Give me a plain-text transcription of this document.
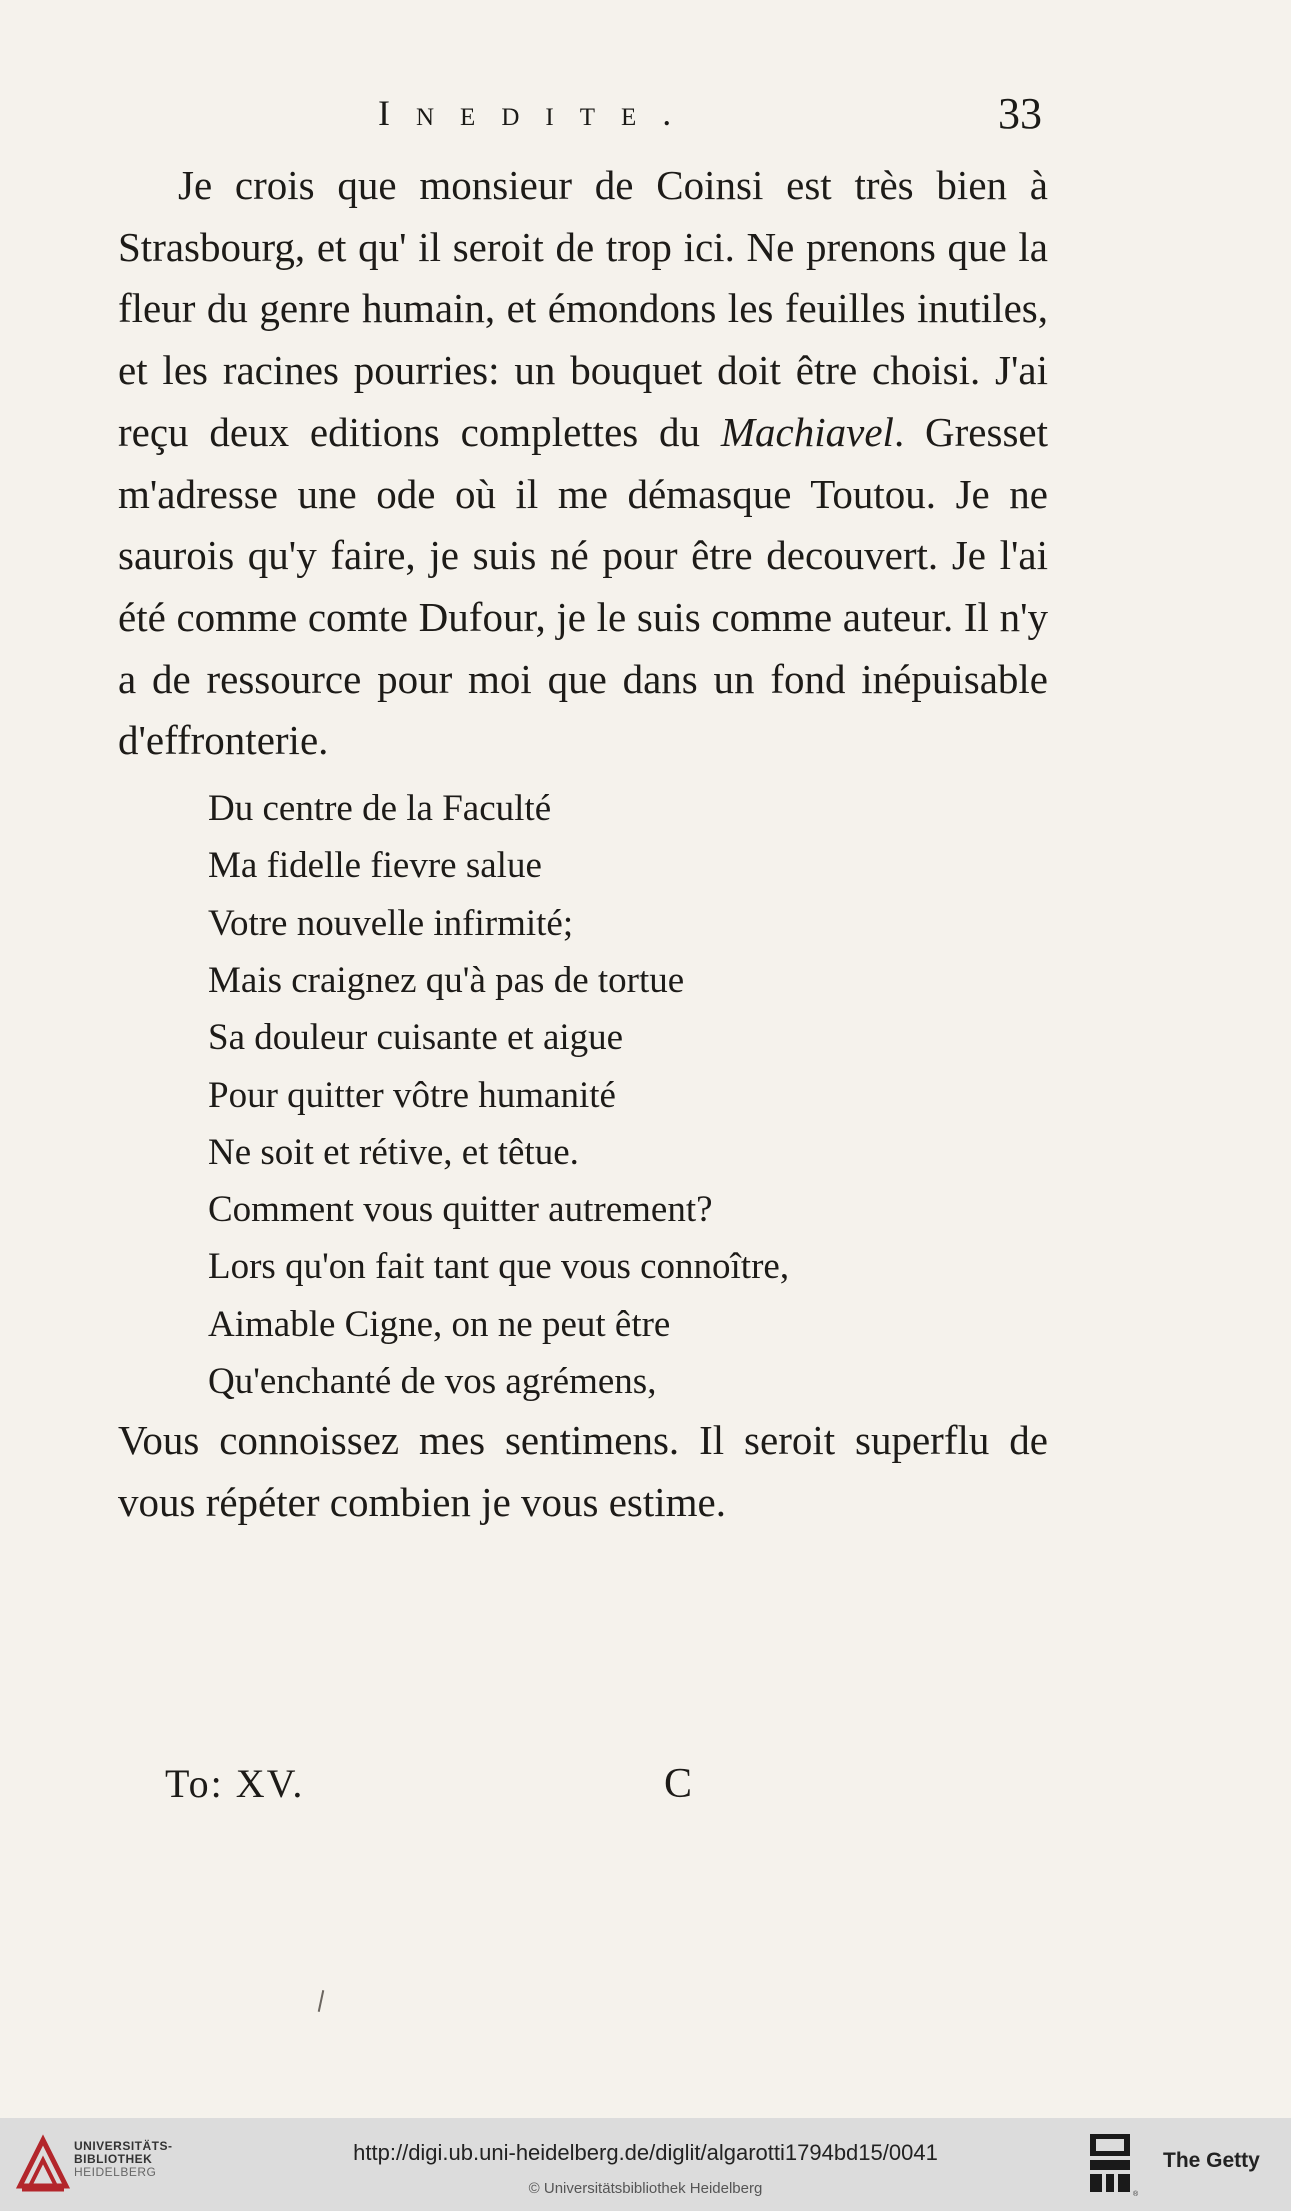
Inedite.	33

Je crois que monsieur de Coinsi est très bien à Strasbourg, et qu' il seroit de trop ici. Ne prenons que la fleur du genre humain, et émondons les feuilles inutiles, et les racines pourries: un bouquet doit être choisi. J'ai reçu deux editions complettes du Machiavel. Gresset m'adresse une ode où il me démasque Toutou. Je ne saurois qu'y faire, je suis né pour être decouvert. Je l'ai été comme comte Dufour, je le suis comme auteur. Il n'y a de ressource pour moi que dans un fond inépuisable d'effronterie.

Du centre de la Faculté
Ma fidelle fievre salue
Votre nouvelle infirmité;
Mais craignez qu'à pas de tortue
Sa douleur cuisante et aigue
Pour quitter vôtre humanité
Ne soit et rétive, et têtue.
Comment vous quitter autrement?
Lors qu'on fait tant que vous connoître,
Aimable Cigne, on ne peut être
Qu'enchanté de vos agrémens,

Vous connoissez mes sentimens. Il seroit superflu de vous répéter combien je vous estime.

To: XV.	C
UNIVERSITÄTS-
BIBLIOTHEK
HEIDELBERG
http://digi.ub.uni-heidelberg.de/diglit/algarotti1794bd15/0041
© Universitätsbibliothek Heidelberg	®
The Getty
